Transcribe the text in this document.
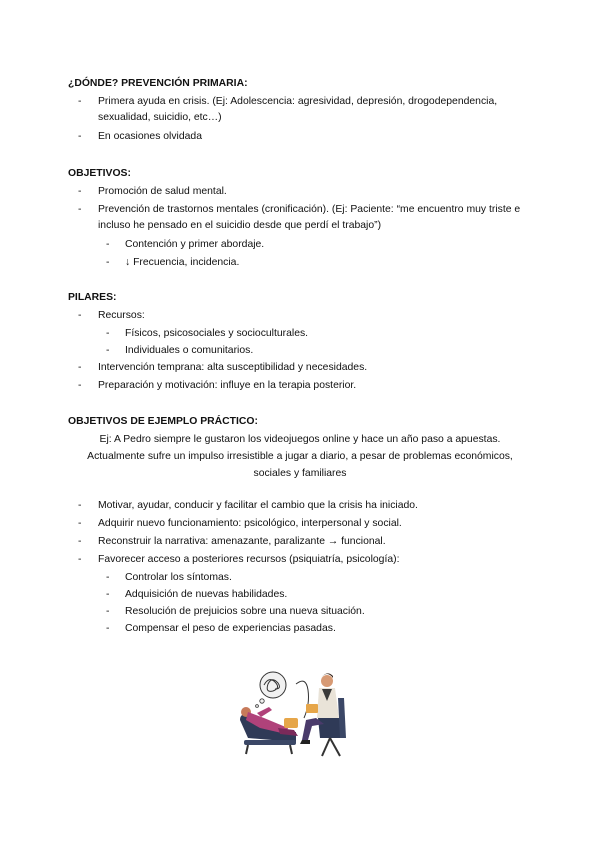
¿DÓNDE? PREVENCIÓN PRIMARIA:
- Primera ayuda en crisis. (Ej: Adolescencia: agresividad, depresión, drogodependencia, sexualidad, suicidio, etc…)
- En ocasiones olvidada
OBJETIVOS:
- Promoción de salud mental.
- Prevención de trastornos mentales (cronificación). (Ej: Paciente: “me encuentro muy triste e incluso he pensado en el suicidio desde que perdí el trabajo”)
- Contención y primer abordaje.
- ↓ Frecuencia, incidencia.
PILARES:
- Recursos:
- Físicos, psicosociales y socioculturales.
- Individuales o comunitarios.
- Intervención temprana: alta susceptibilidad y necesidades.
- Preparación y motivación: influye en la terapia posterior.
OBJETIVOS DE EJEMPLO PRÁCTICO:
Ej: A Pedro siempre le gustaron los videojuegos online y hace un año paso a apuestas.
Actualmente sufre un impulso irresistible a jugar a diario, a pesar de problemas económicos,
sociales y familiares
- Motivar, ayudar, conducir y facilitar el cambio que la crisis ha iniciado.
- Adquirir nuevo funcionamiento: psicológico, interpersonal y social.
- Reconstruir la narrativa: amenazante, paralizante → funcional.
- Favorecer acceso a posteriores recursos (psiquiatría, psicología):
- Controlar los síntomas.
- Adquisición de nuevas habilidades.
- Resolución de prejuicios sobre una nueva situación.
- Compensar el peso de experiencias pasadas.
